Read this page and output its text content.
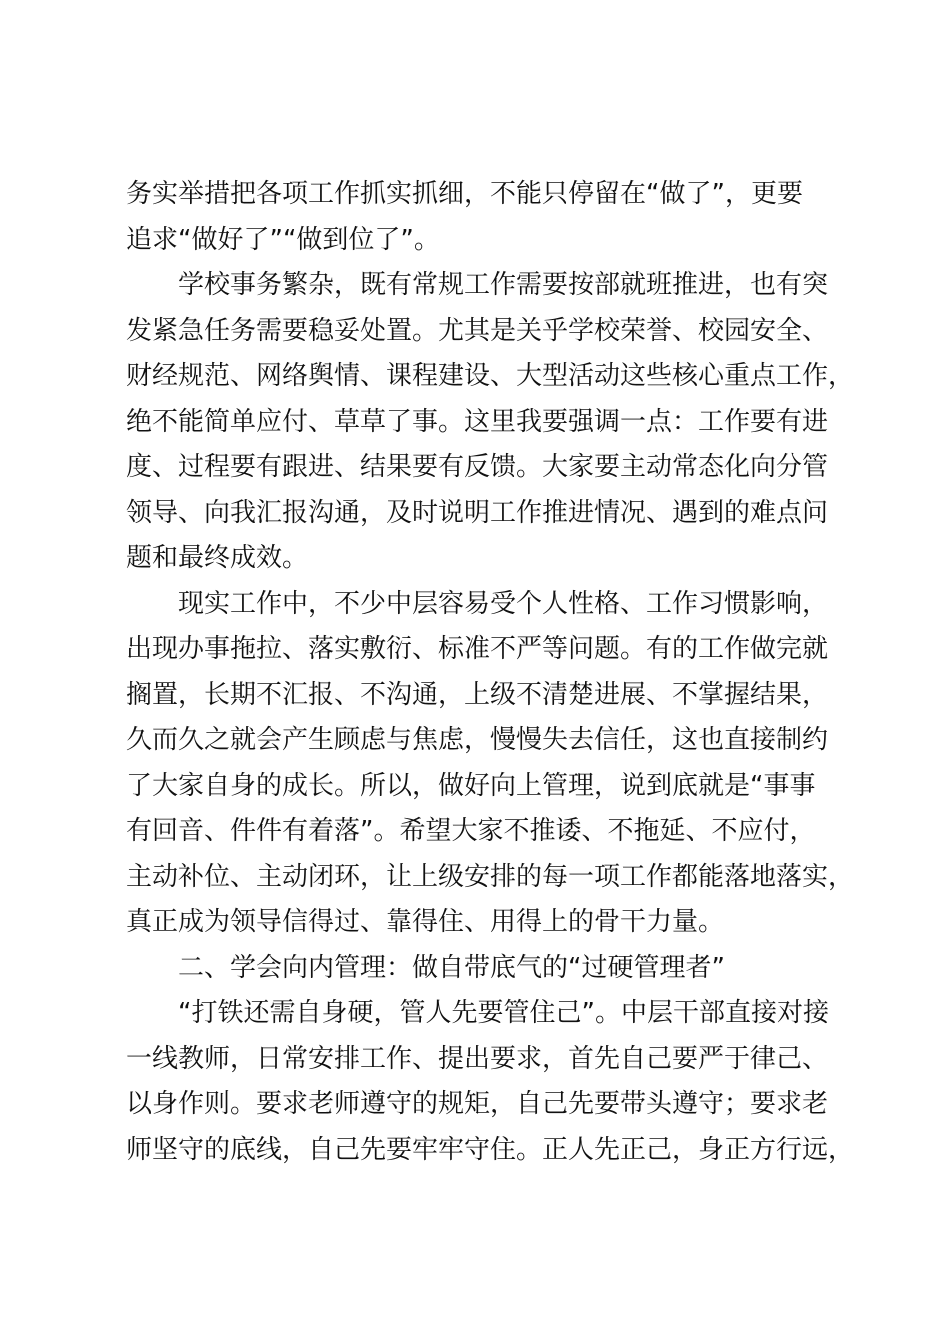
务实举措把各项工作抓实抓细，不能只停留在“做了”，更要
追求“做好了”“做到位了”。
学校事务繁杂，既有常规工作需要按部就班推进，也有突
发紧急任务需要稳妥处置。尤其是关乎学校荣誉、校园安全、
财经规范、网络舆情、课程建设、大型活动这些核心重点工作，
绝不能简单应付、草草了事。这里我要强调一点：工作要有进
度、过程要有跟进、结果要有反馈。大家要主动常态化向分管
领导、向我汇报沟通，及时说明工作推进情况、遇到的难点问
题和最终成效。
现实工作中，不少中层容易受个人性格、工作习惯影响，
出现办事拖拉、落实敷衍、标准不严等问题。有的工作做完就
搁置，长期不汇报、不沟通，上级不清楚进展、不掌握结果，
久而久之就会产生顾虑与焦虑，慢慢失去信任，这也直接制约
了大家自身的成长。所以，做好向上管理，说到底就是“事事
有回音、件件有着落”。希望大家不推诿、不拖延、不应付，
主动补位、主动闭环，让上级安排的每一项工作都能落地落实，
真正成为领导信得过、靠得住、用得上的骨干力量。
二、学会向内管理：做自带底气的“过硬管理者”
“打铁还需自身硬，管人先要管住己”。中层干部直接对接
一线教师，日常安排工作、提出要求，首先自己要严于律己、
以身作则。要求老师遵守的规矩，自己先要带头遵守；要求老
师坚守的底线，自己先要牢牢守住。正人先正己，身正方行远，
